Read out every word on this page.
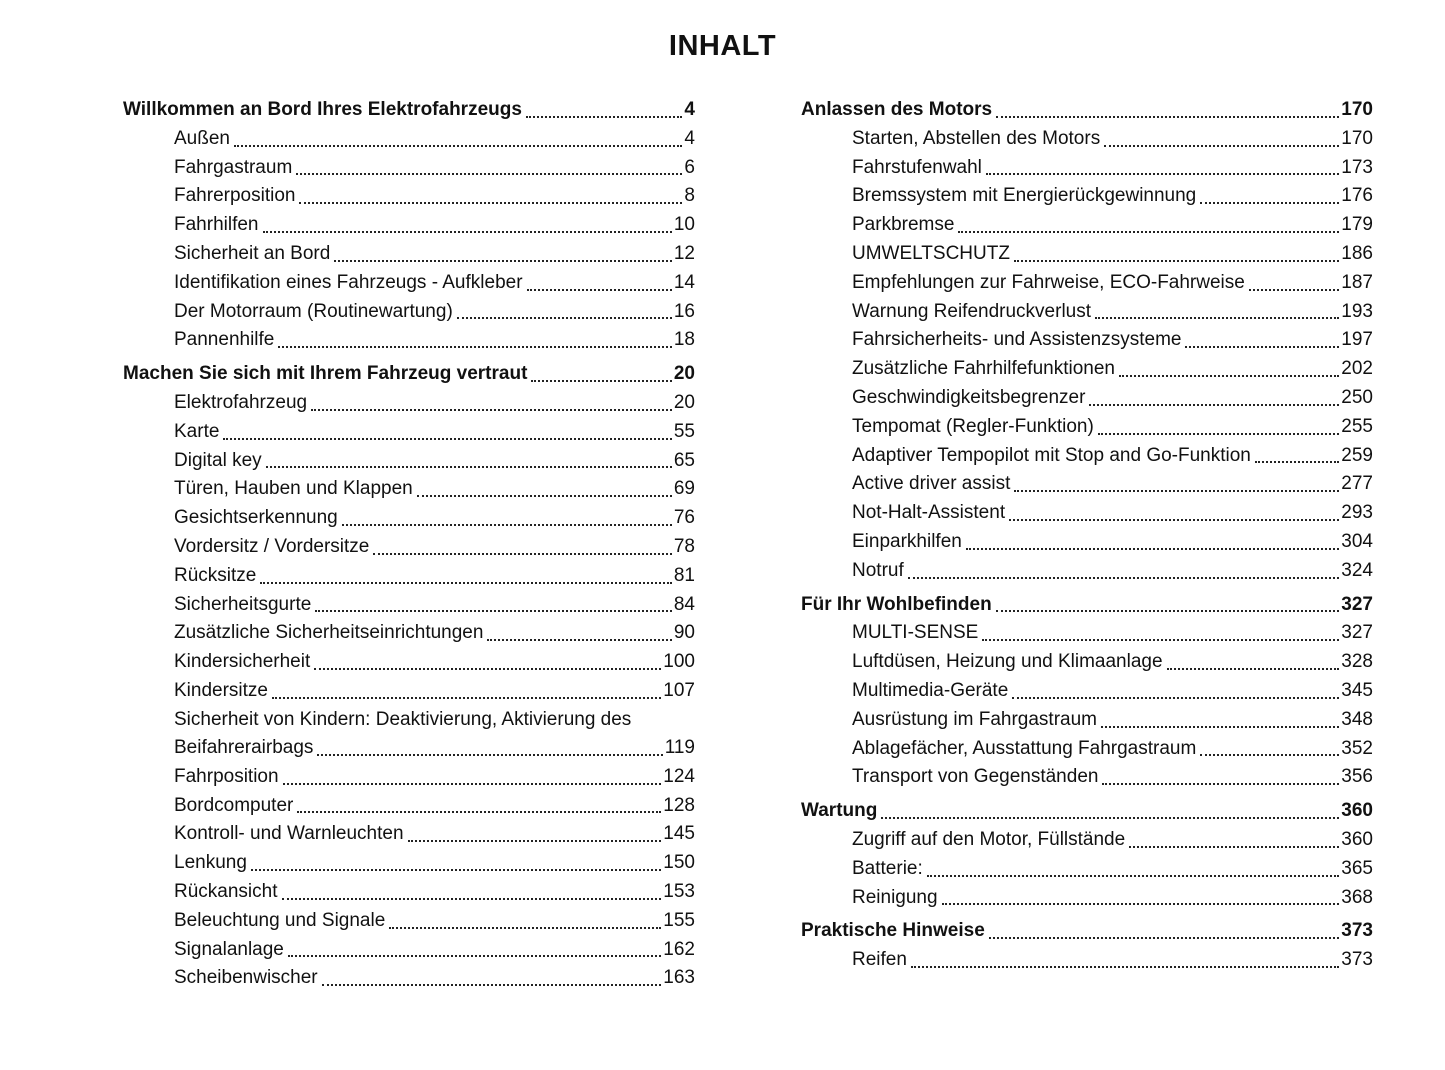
INHALT
Willkommen an Bord Ihres Elektrofahrzeugs	4
Außen	4
Fahrgastraum	6
Fahrerposition	8
Fahrhilfen	10
Sicherheit an Bord	12
Identifikation eines Fahrzeugs - Aufkleber	14
Der Motorraum (Routinewartung)	16
Pannenhilfe	18
Machen Sie sich mit Ihrem Fahrzeug vertraut	20
Elektrofahrzeug	20
Karte	55
Digital key	65
Türen, Hauben und Klappen	69
Gesichtserkennung	76
Vordersitz / Vordersitze	78
Rücksitze	81
Sicherheitsgurte	84
Zusätzliche Sicherheitseinrichtungen	90
Kindersicherheit	100
Kindersitze	107
Sicherheit von Kindern: Deaktivierung, Aktivierung des
Beifahrerairbags	119
Fahrposition	124
Bordcomputer	128
Kontroll- und Warnleuchten	145
Lenkung	150
Rückansicht	153
Beleuchtung und Signale	155
Signalanlage	162
Scheibenwischer	163
Anlassen des Motors	170
Starten, Abstellen des Motors	170
Fahrstufenwahl	173
Bremssystem mit Energierückgewinnung	176
Parkbremse	179
UMWELTSCHUTZ	186
Empfehlungen zur Fahrweise, ECO-Fahrweise	187
Warnung Reifendruckverlust	193
Fahrsicherheits- und Assistenzsysteme	197
Zusätzliche Fahrhilfefunktionen	202
Geschwindigkeitsbegrenzer	250
Tempomat (Regler-Funktion)	255
Adaptiver Tempopilot mit Stop and Go-Funktion	259
Active driver assist	277
Not-Halt-Assistent	293
Einparkhilfen	304
Notruf	324
Für Ihr Wohlbefinden	327
MULTI-SENSE	327
Luftdüsen, Heizung und Klimaanlage	328
Multimedia-Geräte	345
Ausrüstung im Fahrgastraum	348
Ablagefächer, Ausstattung Fahrgastraum	352
Transport von Gegenständen	356
Wartung	360
Zugriff auf den Motor, Füllstände	360
Batterie:	365
Reinigung	368
Praktische Hinweise	373
Reifen	373
